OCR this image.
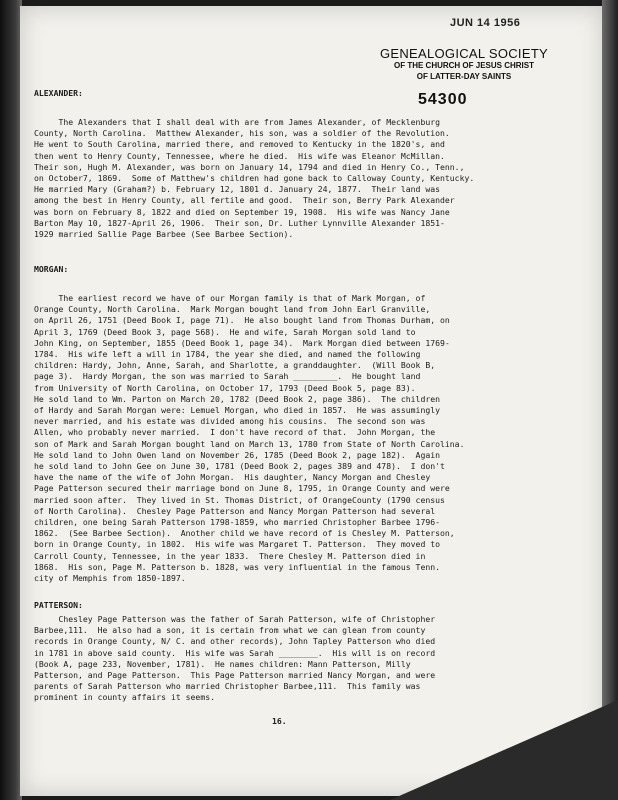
JUN 14 1956
GENEALOGICAL SOCIETY
OF THE CHURCH OF JESUS CHRIST
OF LATTER-DAY SAINTS
ALEXANDER:	54300
The Alexanders that I shall deal with are from James Alexander, of Mecklenburg
County, North Carolina.  Matthew Alexander, his son, was a soldier of the Revolution.
He went to South Carolina, married there, and removed to Kentucky in the 1820's, and
then went to Henry County, Tennessee, where he died.  His wife was Eleanor McMillan.
Their son, Hugh M. Alexander, was born on January 14, 1794 and died in Henry Co., Tenn.,
on October7, 1869.  Some of Matthew's children had gone back to Calloway County, Kentucky.
He married Mary (Graham?) b. February 12, 1801 d. January 24, 1877.  Their land was
among the best in Henry County, all fertile and good.  Their son, Berry Park Alexander
was born on February 8, 1822 and died on September 19, 1908.  His wife was Nancy Jane
Barton May 10, 1827-April 26, 1906.  Their son, Dr. Luther Lynnville Alexander 1851-
1929 married Sallie Page Barbee (See Barbee Section).
MORGAN:
The earliest record we have of our Morgan family is that of Mark Morgan, of
Orange County, North Carolina.  Mark Morgan bought land from John Earl Granville,
on April 26, 1751 (Deed Book I, page 71).  He also bought land from Thomas Durham, on
April 3, 1769 (Deed Book 3, page 568).  He and wife, Sarah Morgan sold land to
John King, on September, 1855 (Deed Book 1, page 34).  Mark Morgan died between 1769-
1784.  His wife left a will in 1784, the year she died, and named the following
children: Hardy, John, Anne, Sarah, and Sharlotte, a granddaughter.  (Will Book B,
page 3).  Hardy Morgan, the son was married to Sarah _________.  He bought land
from University of North Carolina, on October 17, 1793 (Deed Book 5, page 83).
He sold land to Wm. Parton on March 20, 1782 (Deed Book 2, page 386).  The children
of Hardy and Sarah Morgan were: Lemuel Morgan, who died in 1857.  He was assumingly
never married, and his estate was divided among his cousins.  The second son was
Allen, who probably never married.  I don't have record of that.  John Morgan, the
son of Mark and Sarah Morgan bought land on March 13, 1780 from State of North Carolina.
He sold land to John Owen land on November 26, 1785 (Deed Book 2, page 182).  Again
he sold land to John Gee on June 30, 1781 (Deed Book 2, pages 389 and 478).  I don't
have the name of the wife of John Morgan.  His daughter, Nancy Morgan and Chesley
Page Patterson secured their marriage bond on June 8, 1795, in Orange County and were
married soon after.  They lived in St. Thomas District, of OrangeCounty (1790 census
of North Carolina).  Chesley Page Patterson and Nancy Morgan Patterson had several
children, one being Sarah Patterson 1798-1859, who married Christopher Barbee 1796-
1862.  (See Barbee Section).  Another child we have record of is Chesley M. Patterson,
born in Orange County, in 1802.  His wife was Margaret T. Patterson.  They moved to
Carroll County, Tennessee, in the year 1833.  There Chesley M. Patterson died in
1868.  His son, Page M. Patterson b. 1828, was very influential in the famous Tenn.
city of Memphis from 1850-1897.
PATTERSON:
Chesley Page Patterson was the father of Sarah Patterson, wife of Christopher
Barbee,111.  He also had a son, it is certain from what we can glean from county
records in Orange County, N/ C. and other records), John Tapley Patterson who died
in 1781 in above said county.  His wife was Sarah ________.  His will is on record
(Book A, page 233, November, 1781).  He names children: Mann Patterson, Milly
Patterson, and Page Patterson.  This Page Patterson married Nancy Morgan, and were
parents of Sarah Patterson who married Christopher Barbee,111.  This family was
prominent in county affairs it seems.
16.
